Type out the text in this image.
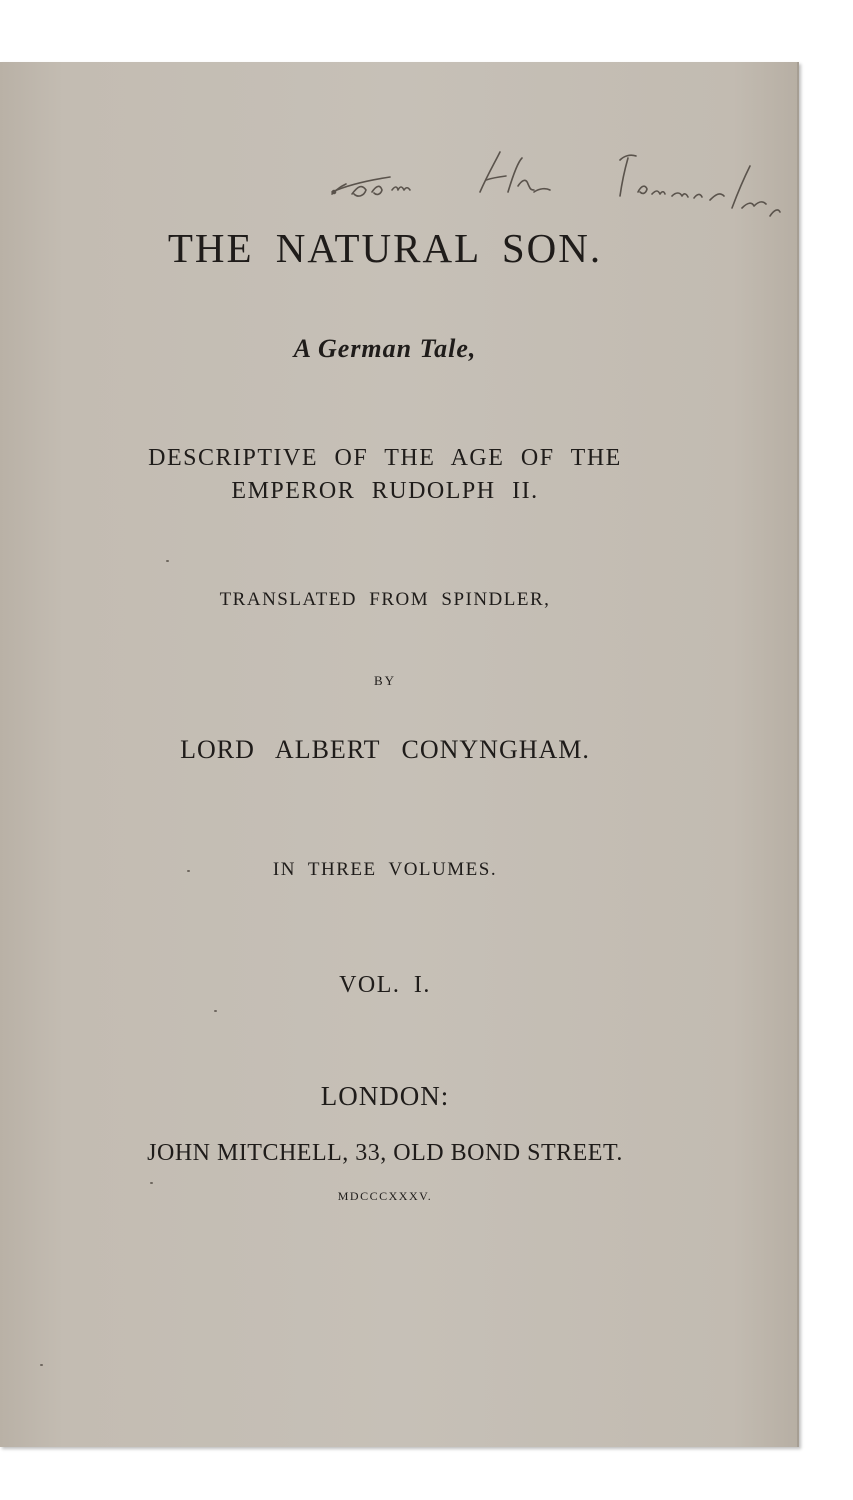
THE NATURAL SON.
A German Tale,
DESCRIPTIVE OF THE AGE OF THE
EMPEROR RUDOLPH II.
TRANSLATED FROM SPINDLER,
BY
LORD ALBERT CONYNGHAM.
IN THREE VOLUMES.
VOL. I.
LONDON:
JOHN MITCHELL, 33, OLD BOND STREET.
MDCCCXXXV.
